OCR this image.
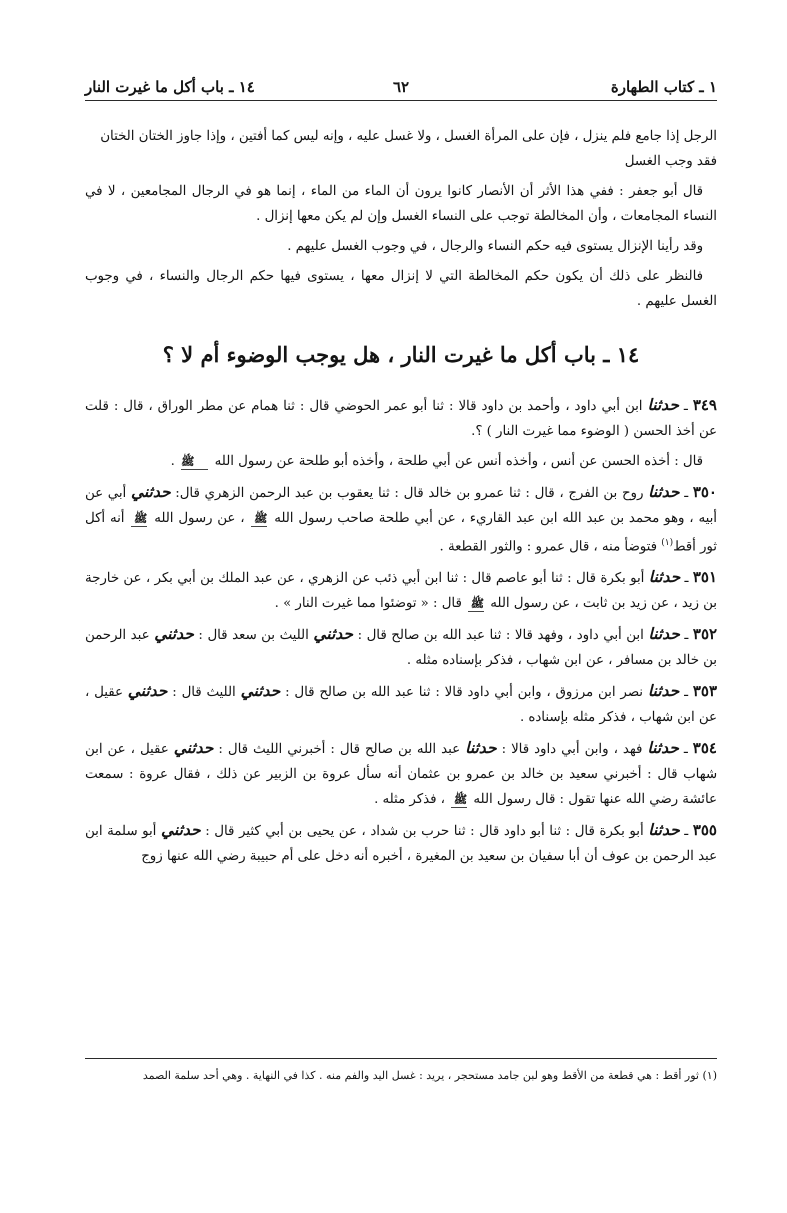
١ ـ كتاب الطهارة
٦٢
١٤ ـ باب أكل ما غيرت النار

الرجل إذا جامع فلم ينزل ، فإن على المرأة الغسل ، ولا غسل عليه ، وإنه ليس كما أفتين ، وإذا جاوز الختان الختان
فقد وجب الغسل

قال أبو جعفر : ففي هذا الأثر أن الأنصار كانوا يرون أن الماء من الماء ، إنما هو في الرجال المجامعين ، لا في النساء المجامعات ، وأن المخالطة توجب على النساء الغسل وإن لم يكن معها إنزال .

وقد رأينا الإنزال يستوى فيه حكم النساء والرجال ، في وجوب الغسل عليهم .

فالنظر على ذلك أن يكون حكم المخالطة التي لا إنزال معها ، يستوى فيها حكم الرجال والنساء ، في وجوب الغسل عليهم .

١٤ ـ باب أكل ما غيرت النار ، هل يوجب الوضوء أم لا ؟

٣٤٩ ـ حدثنا ابن أبي داود ، وأحمد بن داود قالا : ثنا أبو عمر الحوضي قال : ثنا همام عن مطر الوراق ، قال : قلت عن أخذ الحسن ( الوضوء مما غيرت النار ) ؟.

قال : أخذه الحسن عن أنس ، وأخذه أنس عن أبي طلحة ، وأخذه أبو طلحة عن رسول الله ﷺ .

٣٥٠ ـ حدثنا روح بن الفرج ، قال : ثنا عمرو بن خالد قال : ثنا يعقوب بن عبد الرحمن الزهري قال: حدثني أبي عن أبيه ، وهو محمد بن عبد الله ابن عبد القاريء ، عن أبي طلحة صاحب رسول الله ﷺ ، عن رسول الله ﷺ أنه أكل ثور أقط$^{(١)}$ فتوضأ منه ، قال عمرو : والثور القطعة .

٣٥١ ـ حدثنا أبو بكرة قال : ثنا أبو عاصم قال : ثنا ابن أبي ذئب عن الزهري ، عن عبد الملك بن أبي بكر ، عن خارجة بن زيد ، عن زيد بن ثابت ، عن رسول الله ﷺ قال : « توضئوا مما غيرت النار » .

٣٥٢ ـ حدثنا ابن أبي داود ، وفهد قالا : ثنا عبد الله بن صالح قال : حدثني الليث بن سعد قال : حدثني عبد الرحمن بن خالد بن مسافر ، عن ابن شهاب ، فذكر بإسناده مثله .

٣٥٣ ـ حدثنا نصر ابن مرزوق ، وابن أبي داود قالا : ثنا عبد الله بن صالح قال : حدثني الليث قال : حدثني عقيل ، عن ابن شهاب ، فذكر مثله بإسناده .

٣٥٤ ـ حدثنا فهد ، وابن أبي داود قالا : حدثنا عبد الله بن صالح قال : أخبرني الليث قال : حدثني عقيل ، عن ابن شهاب قال : أخبرني سعيد بن خالد بن عمرو بن عثمان أنه سأل عروة بن الزبير عن ذلك ، فقال عروة : سمعت عائشة رضي الله عنها تقول : قال رسول الله ﷺ ، فذكر مثله .

٣٥٥ ـ حدثنا أبو بكرة قال : ثنا أبو داود قال : ثنا حرب بن شداد ، عن يحيى بن أبي كثير قال : حدثني أبو سلمة ابن عبد الرحمن بن عوف أن أبا سفيان بن سعيد بن المغيرة ، أخبره أنه دخل على أم حبيبة رضي الله عنها زوج

(١) ثور أقط : هي قطعة من الأقط وهو لبن جامد مستحجر ، يريد : غسل اليد والفم منه . كذا في النهاية . وهي أحد سلمة الصمد
